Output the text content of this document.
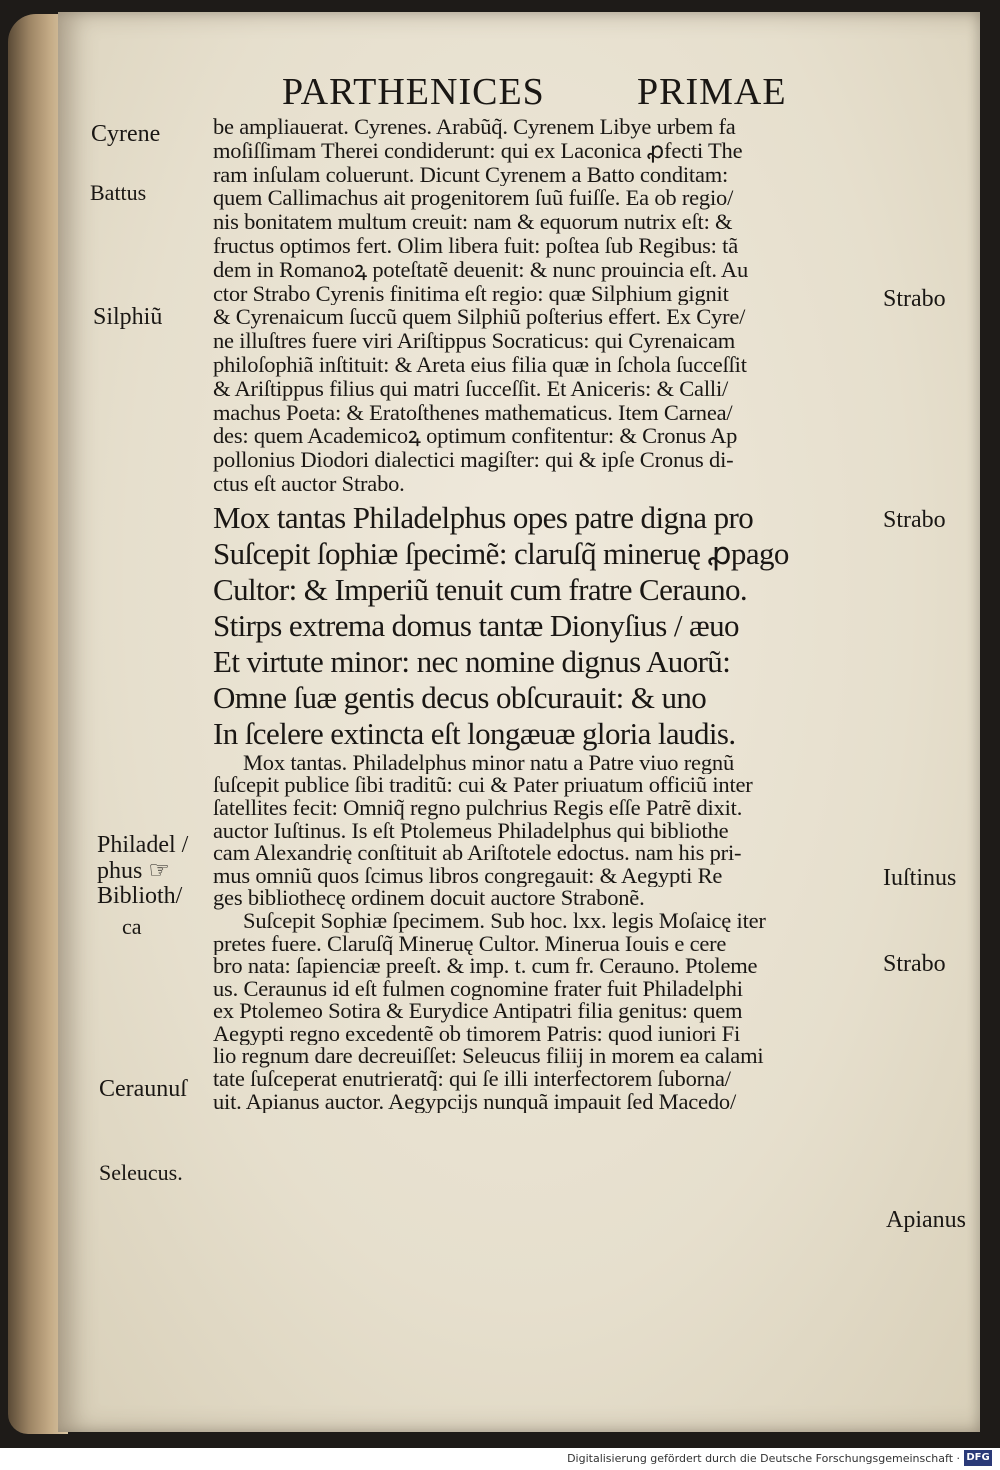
PARTHENICES PRIMAE
Cyrene
Battus
Silphiũ
Philadel /
phus ☞
Biblioth/
ca
Ceraunuſ
Seleucus.
Strabo
Strabo
Iuſtinus
Strabo
Apianus
be ampliauerat. Cyrenes. Arabũq̃. Cyrenem Libye urbem fa
moſiſſimam Therei condiderunt: qui ex Laconica ꝓfecti The
ram inſulam coluerunt. Dicunt Cyrenem a Batto conditam:
quem Callimachus ait progenitorem ſuũ fuiſſe. Ea ob regio/
nis bonitatem multum creuit: nam & equorum nutrix eſt: &
fructus optimos fert. Olim libera fuit: poſtea ſub Regibus: tã
dem in Romanoꝝ poteſtatẽ deuenit: & nunc prouincia eſt. Au
ctor Strabo Cyrenis finitima eſt regio: quæ Silphium gignit
& Cyrenaicum ſuccũ quem Silphiũ poſterius effert. Ex Cyre/
ne illuſtres fuere viri Ariſtippus Socraticus: qui Cyrenaicam
philoſophiã inſtituit: & Areta eius filia quæ in ſchola ſucceſſit
& Ariſtippus filius qui matri ſucceſſit. Et Aniceris: & Calli/
machus Poeta: & Eratoſthenes mathematicus. Item Carnea/
des: quem Academicoꝝ optimum confitentur: & Cronus Ap
pollonius Diodori dialectici magiſter: qui & ipſe Cronus di-
ctus eſt auctor Strabo.
Mox tantas Philadelphus opes patre digna pro
Suſcepit ſophiæ ſpecimẽ: claruſq̃ mineruę ꝓpago
Cultor: & Imperiũ tenuit cum fratre Cerauno.
Stirps extrema domus tantæ Dionyſius / æuo
Et virtute minor: nec nomine dignus Auorũ:
Omne ſuæ gentis decus obſcurauit: & uno
In ſcelere extincta eſt longæuæ gloria laudis.
Mox tantas. Philadelphus minor natu a Patre viuo regnũ
ſuſcepit publice ſibi traditũ: cui & Pater priuatum officiũ inter
ſatellites fecit: Omniq̃ regno pulchrius Regis eſſe Patrẽ dixit.
auctor Iuſtinus. Is eſt Ptolemeus Philadelphus qui bibliothe
cam Alexandrię conſtituit ab Ariſtotele edoctus. nam his pri-
mus omniũ quos ſcimus libros congregauit: & Aegypti Re
ges bibliothecę ordinem docuit auctore Strabonẽ.
Suſcepit Sophiæ ſpecimem. Sub hoc. lxx. legis Moſaicę iter
pretes fuere. Claruſq̃ Mineruę Cultor. Minerua Iouis e cere
bro nata: ſapienciæ preeſt. & imp. t. cum fr. Cerauno. Ptoleme
us. Ceraunus id eſt fulmen cognomine frater fuit Philadelphi
ex Ptolemeo Sotira & Eurydice Antipatri filia genitus: quem
Aegypti regno excedentẽ ob timorem Patris: quod iuniori Fi
lio regnum dare decreuiſſet: Seleucus filiĳ in morem ea calami
tate ſuſceperat enutrieratq̃: qui ſe illi interfectorem ſuborna/
uit. Apianus auctor. Aegypcĳs nunquã impauit ſed Macedo/
Digitalisierung gefördert durch die Deutsche Forschungsgemeinschaft · DFG
